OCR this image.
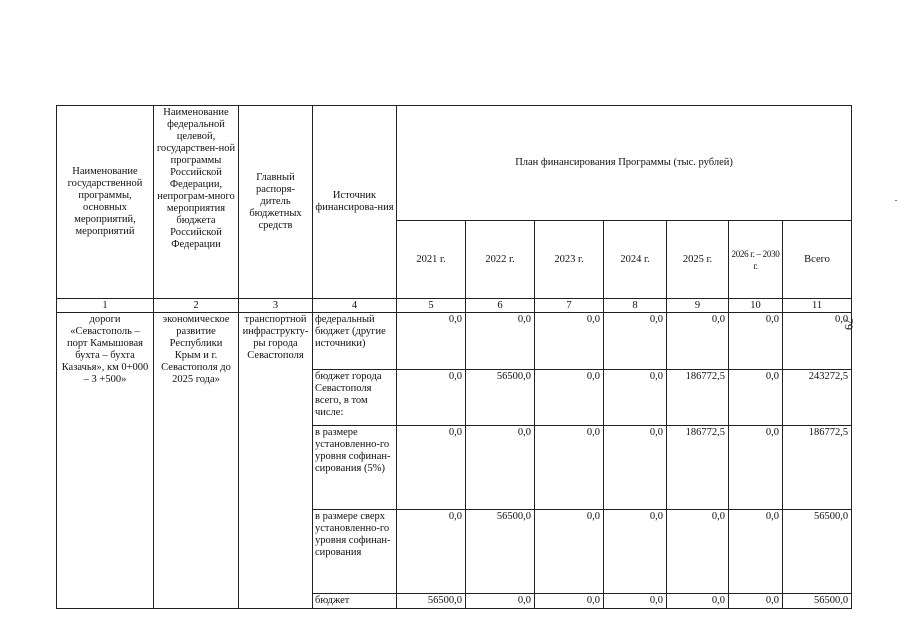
Наименование государственной программы, основных мероприятий, мероприятий	Наименование федеральной целевой, государствен-ной программы Российской Федерации, непрограм-много мероприятия бюджета Российской Федерации	Главный распоря-дитель бюджетных средств	Источник финансирова-ния	План финансирования Программы (тыс. рублей)						
				2021 г.	2022 г.	2023 г.	2024 г.	2025 г.	2026 г. – 2030 г.	Всего
1	2	3	4	5	6	7	8	9	10	11
дороги «Севастополь – порт Камышовая бухта – бухта Казачья», км 0+000 – 3 +500»	экономическое развитие Республики Крым и г. Севастополя до 2025 года»	транспортной инфраструкту-ры города Севастополя	федеральный бюджет (другие источники)	0,0	0,0	0,0	0,0	0,0	0,0	0,0
			бюджет города Севастополя всего, в том числе:	0,0	56500,0	0,0	0,0	186772,5	0,0	243272,5
			в размере установленно-го уровня софинан-сирования (5%)	0,0	0,0	0,0	0,0	186772,5	0,0	186772,5
			в размере сверх установленно-го уровня софинан-сирования	0,0	56500,0	0,0	0,0	0,0	0,0	56500,0
			бюджет	56500,0	0,0	0,0	0,0	0,0	0,0	56500,0
79
